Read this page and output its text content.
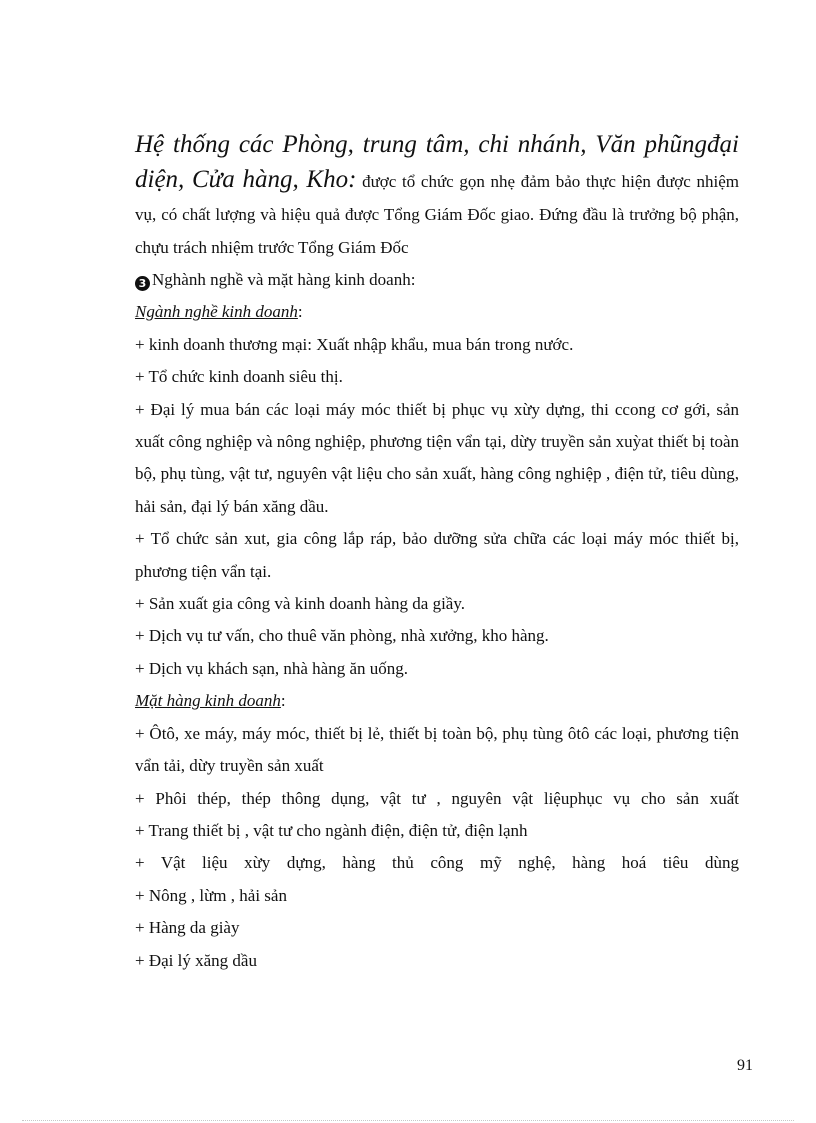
Hệ thống các Phòng, trung tâm, chi nhánh, Văn phũngđại diện, Cửa hàng, Kho: được tổ chức gọn nhẹ đảm bảo thực hiện được nhiệm vụ, có chất lượng và hiệu quả được Tổng Giám Đốc giao. Đứng đầu là trưởng bộ phận, chựu trách nhiệm trước Tổng Giám Đốc

3 Nghành nghề và mặt hàng kinh doanh:

Ngành nghề kinh doanh:

+ kinh doanh thương mại: Xuất nhập khẩu, mua bán trong nước.

+ Tổ chức kinh doanh siêu thị.

+ Đại lý mua bán các loại máy móc thiết bị phục vụ xừy dựng, thi ccong cơ gới, sản xuất công nghiệp và nông nghiệp, phương tiện vẩn tại, dừy truyền sản xuỳat thiết bị toàn bộ, phụ tùng, vật tư, nguyên vật liệu cho sản xuất, hàng công nghiệp , điện tử, tiêu dùng, hải sản, đại lý bán xăng dầu.

+ Tổ chức sản xut, gia công lắp ráp, bảo dưỡng sửa chữa các loại máy móc thiết bị, phương tiện vẩn tại.

+ Sản xuất gia công và kinh doanh hàng da giầy.

+ Dịch vụ tư vấn, cho thuê văn phòng, nhà xưởng, kho hàng.

+ Dịch vụ khách sạn, nhà hàng ăn uống.

Mặt hàng kinh doanh:

+ Ôtô, xe máy, máy móc, thiết bị lẻ, thiết bị toàn bộ, phụ tùng ôtô các loại, phương tiện vẩn tải, dừy truyền sản xuất

+ Phôi thép, thép thông dụng, vật tư , nguyên vật liệuphục vụ cho sản xuất

+ Trang thiết bị , vật tư cho ngành điện, điện tử, điện lạnh

+ Vật liệu xừy dựng, hàng thủ công mỹ nghệ, hàng hoá tiêu dùng

+ Nông , lừm , hải sản

+ Hàng da giày

+ Đại lý xăng dầu

91
